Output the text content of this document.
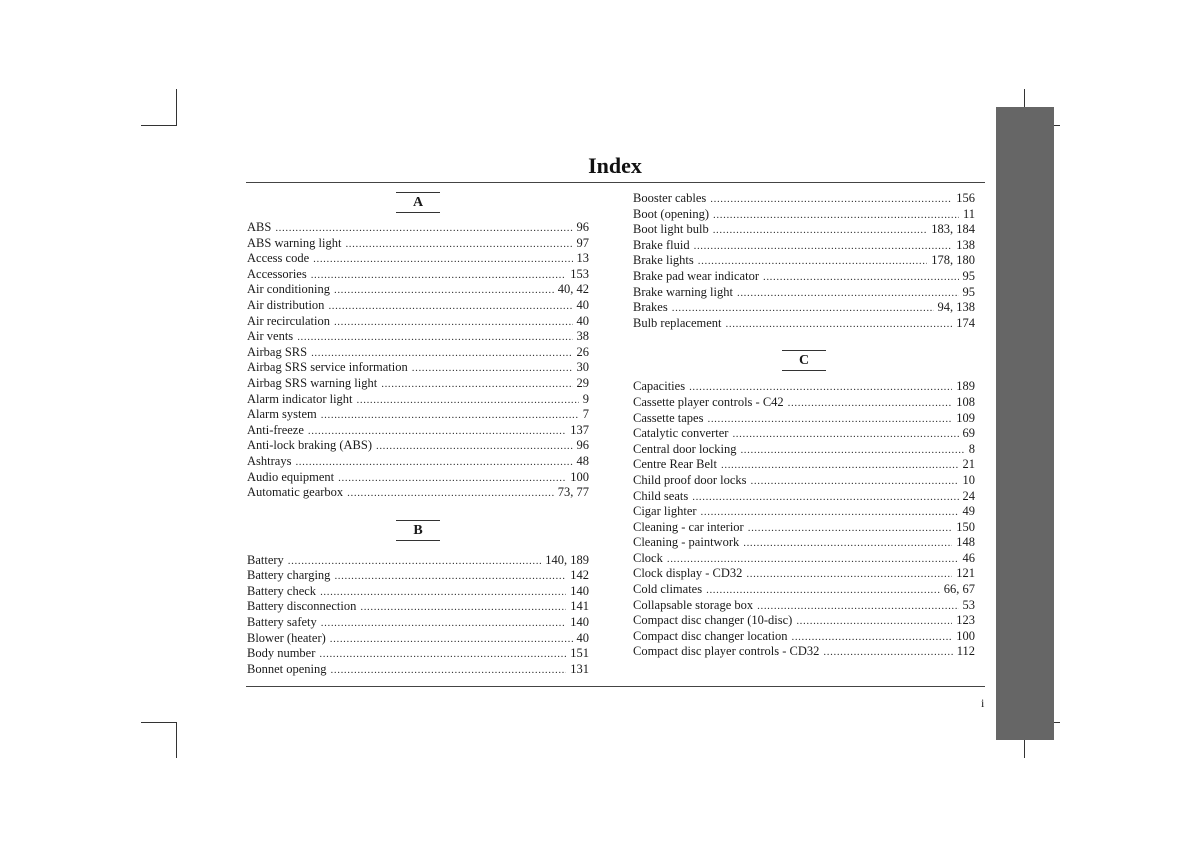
Index
A
ABS .....	96
ABS warning light .....	97
Access code .....	13
Accessories .....	153
Air conditioning .....	40, 42
Air distribution .....	40
Air recirculation .....	40
Air vents .....	38
Airbag SRS .....	26
Airbag SRS service information .....	30
Airbag SRS warning light .....	29
Alarm indicator light .....	9
Alarm system .....	7
Anti-freeze .....	137
Anti-lock braking (ABS) .....	96
Ashtrays .....	48
Audio equipment .....	100
Automatic gearbox .....	73, 77
B
Battery .....	140, 189
Battery charging .....	142
Battery check .....	140
Battery disconnection .....	141
Battery safety .....	140
Blower (heater) .....	40
Body number .....	151
Bonnet opening .....	131
Booster cables .....	156
Boot (opening) .....	11
Boot light bulb .....	183, 184
Brake fluid .....	138
Brake lights .....	178, 180
Brake pad wear indicator .....	95
Brake warning light .....	95
Brakes .....	94, 138
Bulb replacement .....	174
C
Capacities .....	189
Cassette player controls - C42 .....	108
Cassette tapes .....	109
Catalytic converter .....	69
Central door locking .....	8
Centre Rear Belt .....	21
Child proof door locks .....	10
Child seats .....	24
Cigar lighter .....	49
Cleaning - car interior .....	150
Cleaning - paintwork .....	148
Clock .....	46
Clock display - CD32 .....	121
Cold climates .....	66, 67
Collapsable storage box .....	53
Compact disc changer (10-disc) .....	123
Compact disc changer location .....	100
Compact disc player controls - CD32 .....	112
i
